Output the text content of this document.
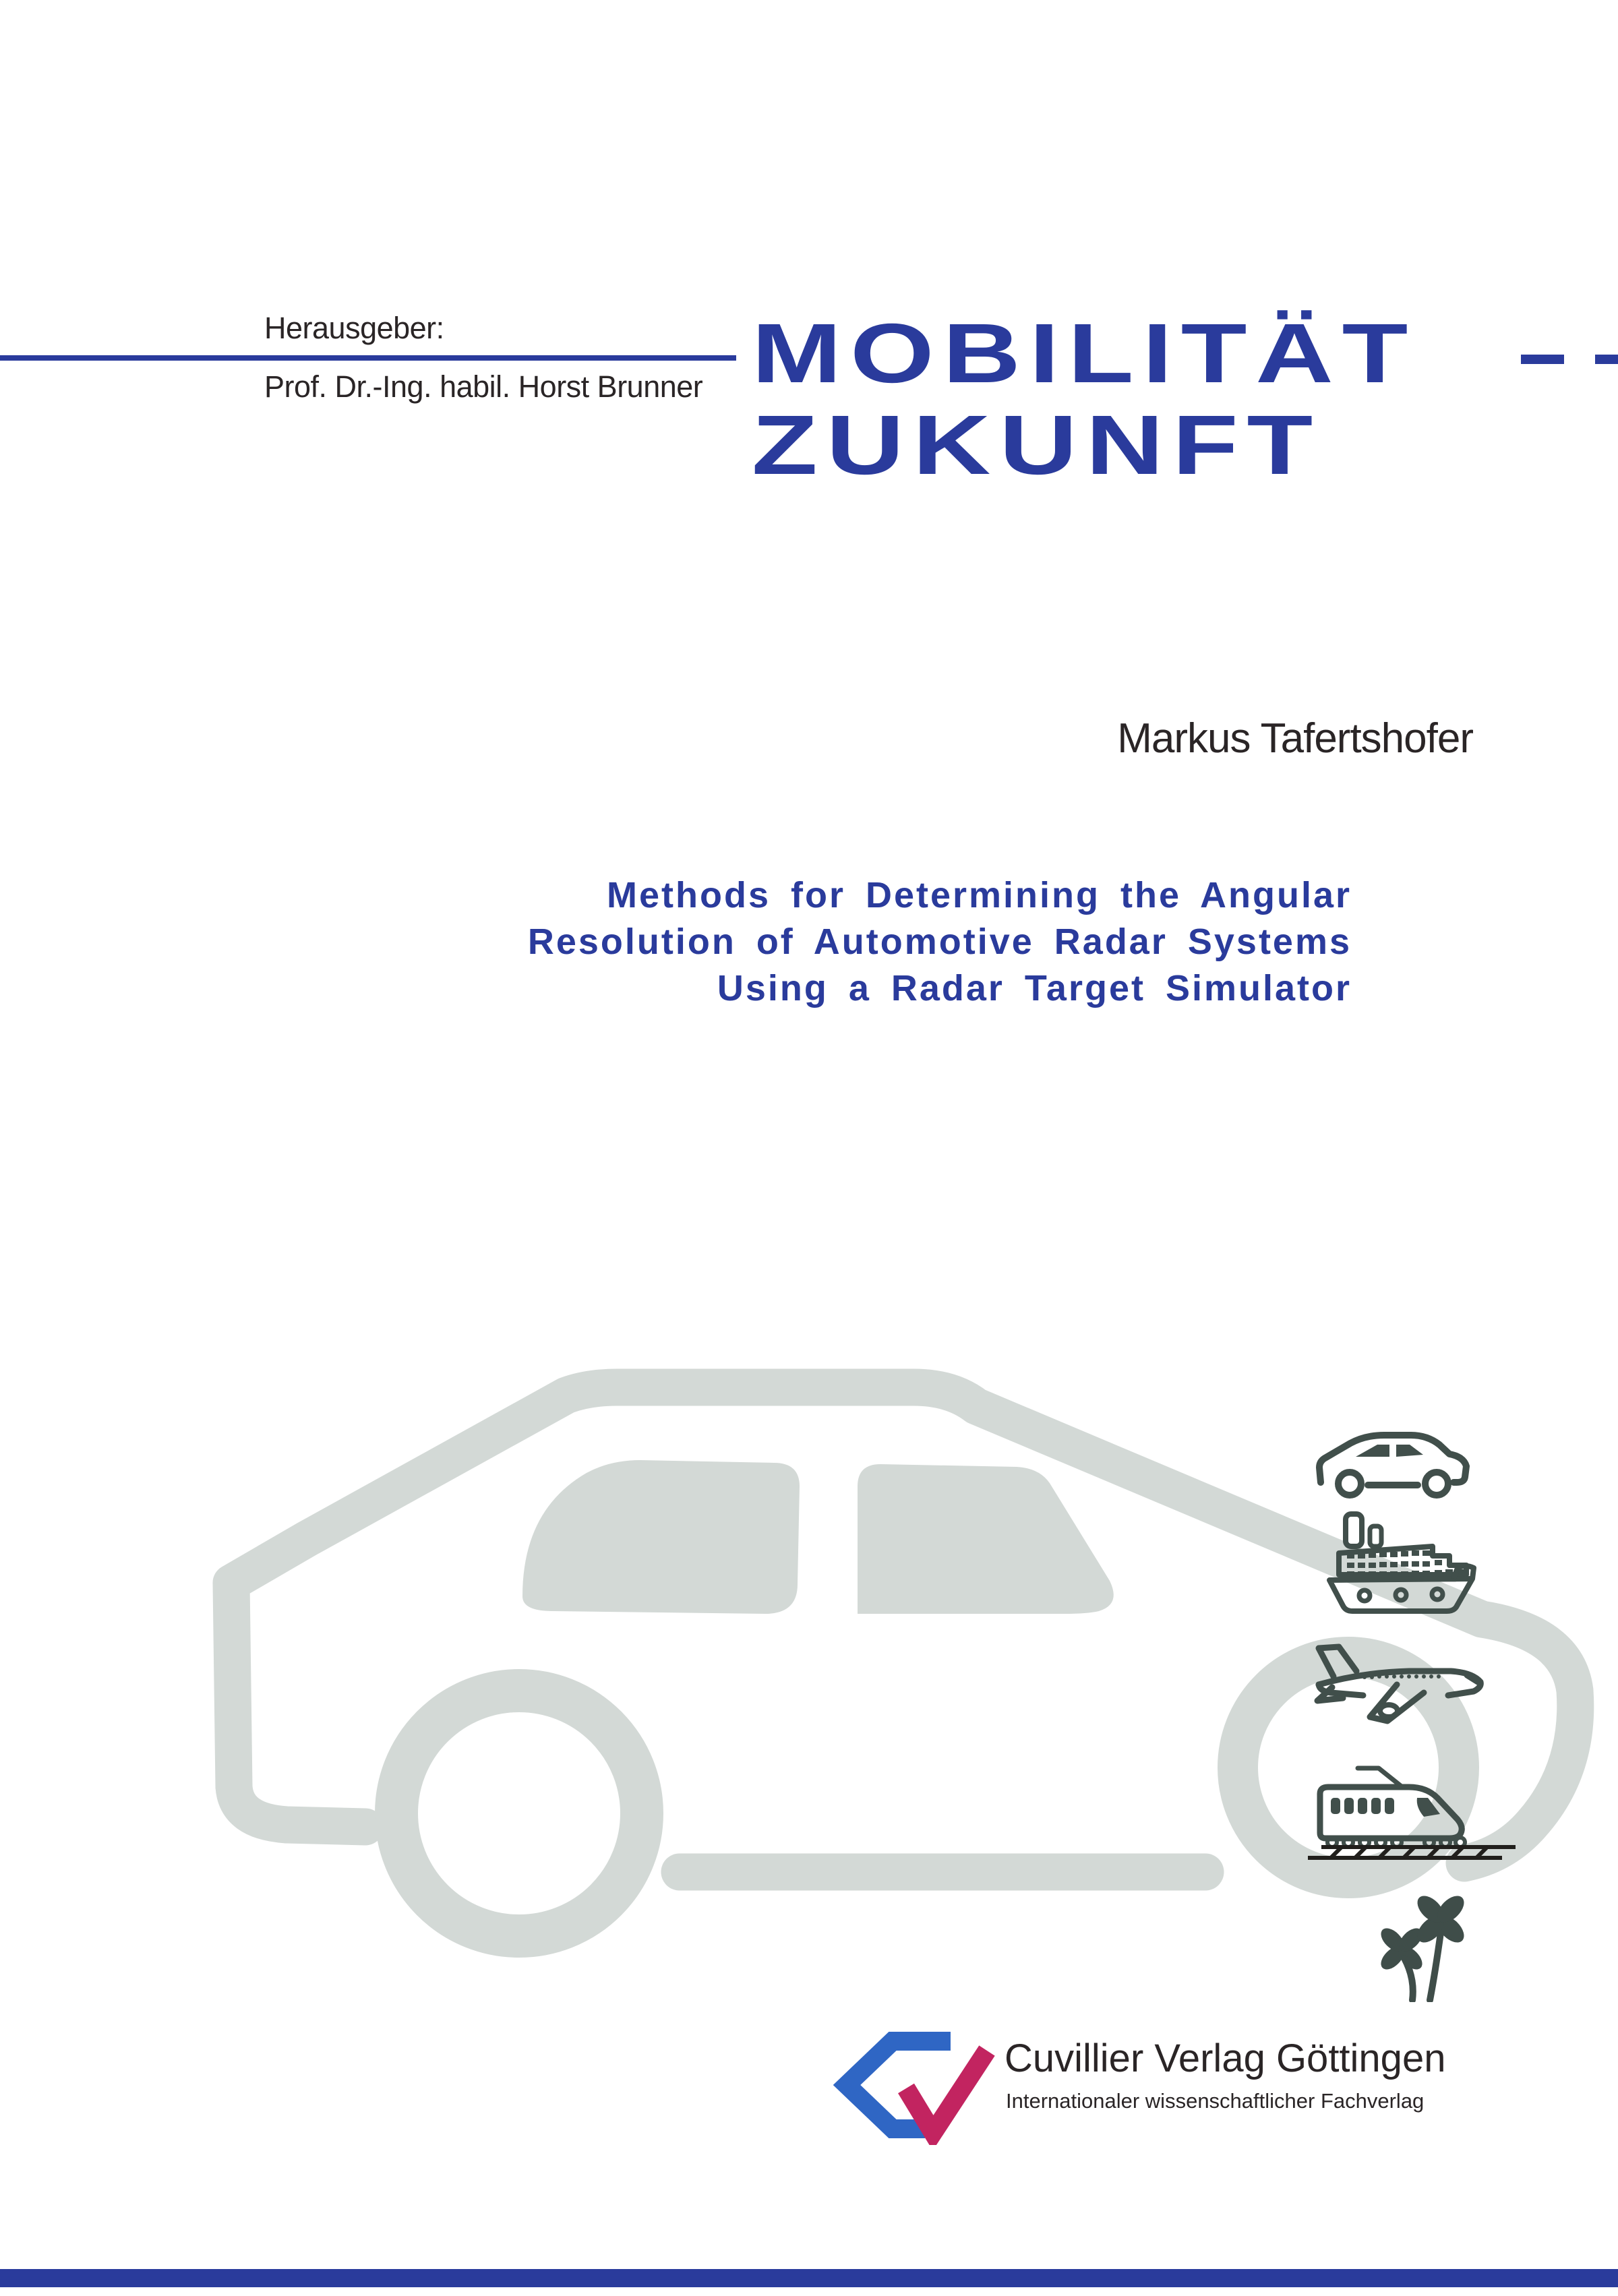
Herausgeber:
Prof. Dr.-Ing. habil. Horst Brunner MOBILITÄT
ZUKUNFT
Markus Tafertshofer
Methods for Determining the Angular
Resolution of Automotive Radar Systems
Using a Radar Target Simulator
Cuvillier Verlag Göttingen
Internationaler wissenschaftlicher Fachverlag
